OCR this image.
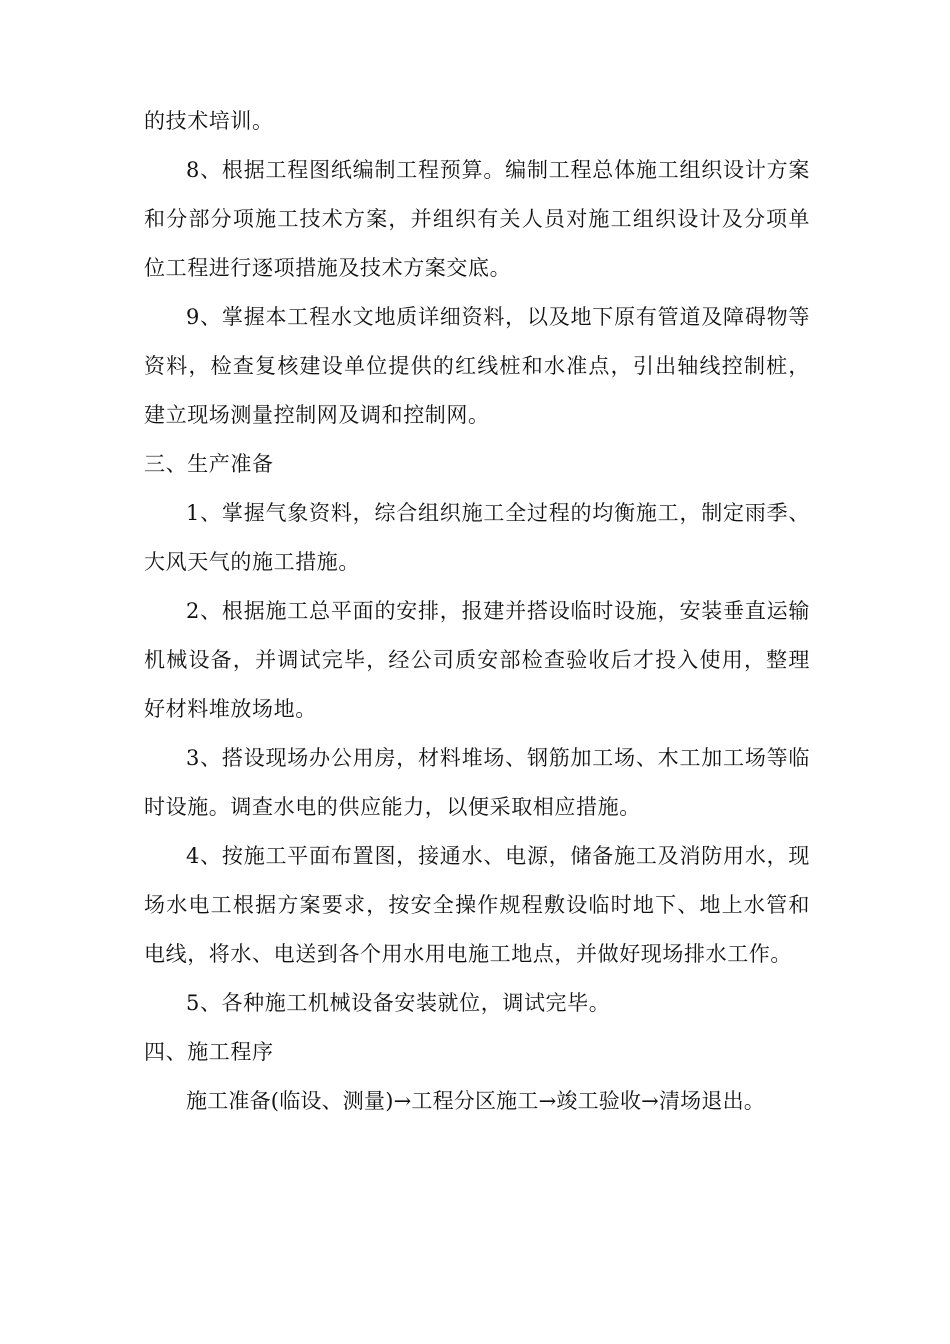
的技术培训。

8、根据工程图纸编制工程预算。编制工程总体施工组织设计方案和分部分项施工技术方案，并组织有关人员对施工组织设计及分项单位工程进行逐项措施及技术方案交底。

9、掌握本工程水文地质详细资料，以及地下原有管道及障碍物等资料，检查复核建设单位提供的红线桩和水准点，引出轴线控制桩，建立现场测量控制网及调和控制网。

三、生产准备

1、掌握气象资料，综合组织施工全过程的均衡施工，制定雨季、大风天气的施工措施。

2、根据施工总平面的安排，报建并搭设临时设施，安装垂直运输机械设备，并调试完毕，经公司质安部检查验收后才投入使用，整理好材料堆放场地。

3、搭设现场办公用房，材料堆场、钢筋加工场、木工加工场等临时设施。调查水电的供应能力，以便采取相应措施。

4、按施工平面布置图，接通水、电源，储备施工及消防用水，现场水电工根据方案要求，按安全操作规程敷设临时地下、地上水管和电线，将水、电送到各个用水用电施工地点，并做好现场排水工作。

5、各种施工机械设备安装就位，调试完毕。

四、施工程序

施工准备(临设、测量)→工程分区施工→竣工验收→清场退出。
